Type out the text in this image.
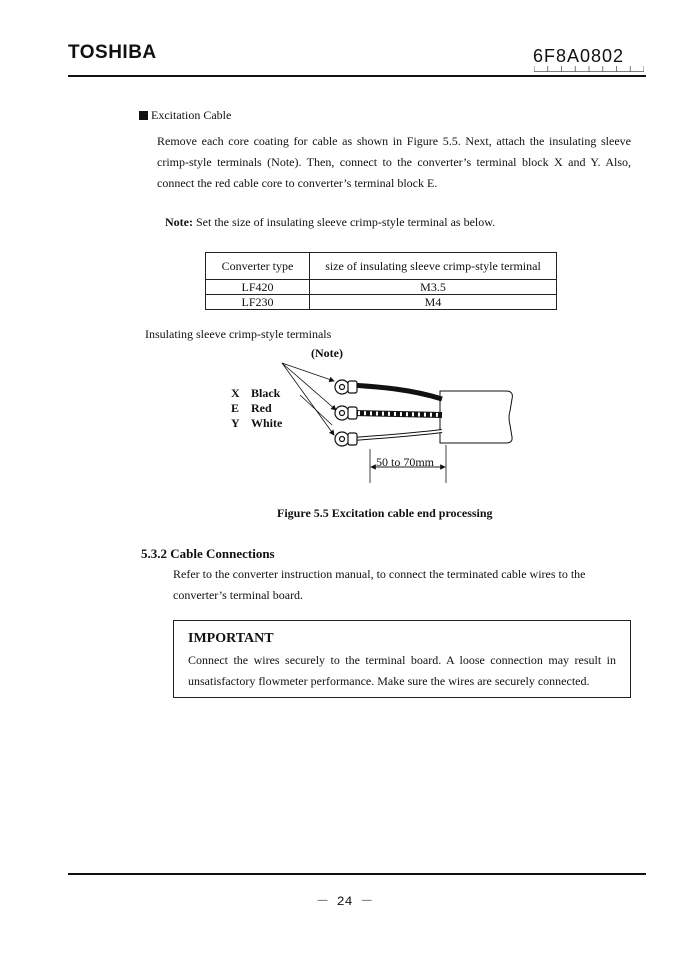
TOSHIBA	6F8A0802
Excitation Cable
Remove each core coating for cable as shown in Figure 5.5. Next, attach the insulating sleeve crimp-style terminals (Note). Then, connect to the converter’s terminal block X and Y. Also, connect the red cable core to converter’s terminal block E.
Note: Set the size of insulating sleeve crimp-style terminal as below.
Converter type	size of insulating sleeve crimp-style terminal
LF420	M3.5
LF230	M4
Insulating sleeve crimp-style terminals
(Note)
X Black
E Red
Y White
50 to 70mm
Figure 5.5 Excitation cable end processing
5.3.2 Cable Connections
Refer to the converter instruction manual, to connect the terminated cable wires to the converter’s terminal board.
IMPORTANT
Connect the wires securely to the terminal board. A loose connection may result in unsatisfactory flowmeter performance. Make sure the wires are securely connected.
－ 24 －
